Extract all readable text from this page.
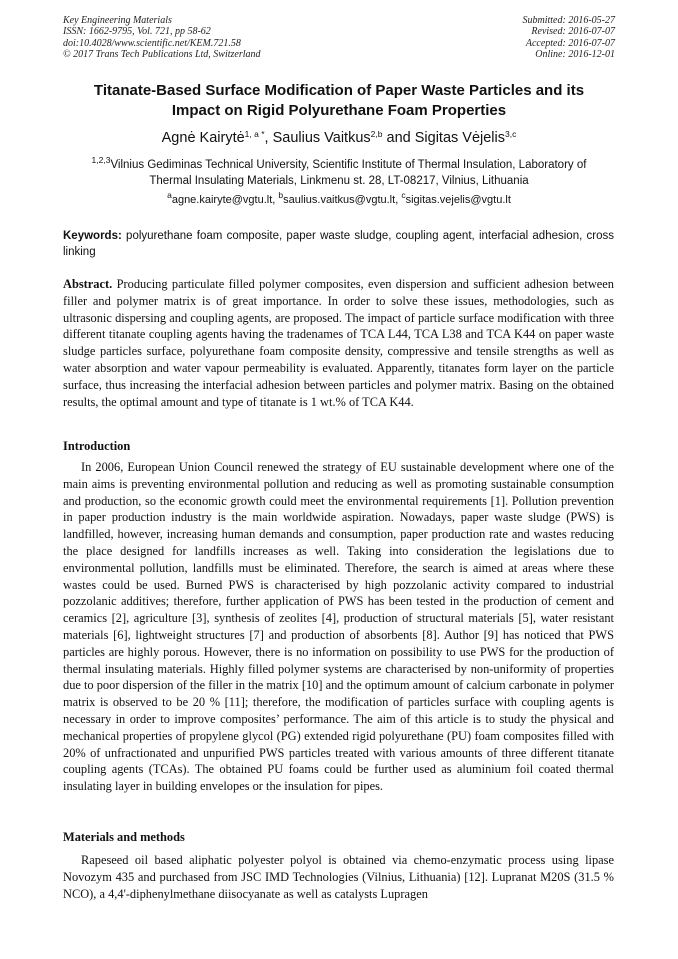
Key Engineering Materials
ISSN: 1662-9795, Vol. 721, pp 58-62
doi:10.4028/www.scientific.net/KEM.721.58
© 2017 Trans Tech Publications Ltd, Switzerland
Submitted: 2016-05-27
Revised: 2016-07-07
Accepted: 2016-07-07
Online: 2016-12-01
Titanate-Based Surface Modification of Paper Waste Particles and its
Impact on Rigid Polyurethane Foam Properties
Agnė Kairytė$^{1, a *}$, Saulius Vaitkus$^{2,b}$ and Sigitas Vėjelis$^{3,c}$
$^{1,2,3}$Vilnius Gediminas Technical University, Scientific Institute of Thermal Insulation, Laboratory of
Thermal Insulating Materials, Linkmenu st. 28, LT-08217, Vilnius, Lithuania
$^a$agne.kairyte@vgtu.lt, $^b$saulius.vaitkus@vgtu.lt, $^c$sigitas.vejelis@vgtu.lt
Keywords: polyurethane foam composite, paper waste sludge, coupling agent, interfacial adhesion, cross linking

Abstract. Producing particulate filled polymer composites, even dispersion and sufficient adhesion between filler and polymer matrix is of great importance. In order to solve these issues, methodologies, such as ultrasonic dispersing and coupling agents, are proposed. The impact of particle surface modification with three different titanate coupling agents having the tradenames of TCA L44, TCA L38 and TCA K44 on paper waste sludge particles surface, polyurethane foam composite density, compressive and tensile strengths as well as water absorption and water vapour permeability is evaluated. Apparently, titanates form layer on the particle surface, thus increasing the interfacial adhesion between particles and polymer matrix. Basing on the obtained results, the optimal amount and type of titanate is 1 wt.% of TCA K44.

Introduction

In 2006, European Union Council renewed the strategy of EU sustainable development where one of the main aims is preventing environmental pollution and reducing as well as promoting sustainable consumption and production, so the economic growth could meet the environmental requirements [1]. Pollution prevention in paper production industry is the main worldwide aspiration. Nowadays, paper waste sludge (PWS) is landfilled, however, increasing human demands and consumption, paper production rate and wastes reducing the place designed for landfills increases as well. Taking into consideration the legislations due to environmental pollution, landfills must be eliminated. Therefore, the search is aimed at areas where these wastes could be used. Burned PWS is characterised by high pozzolanic activity compared to industrial pozzolanic additives; therefore, further application of PWS has been tested in the production of cement and ceramics [2], agriculture [3], synthesis of zeolites [4], production of structural materials [5], water resistant materials [6], lightweight structures [7] and production of absorbents [8]. Author [9] has noticed that PWS particles are highly porous. However, there is no information on possibility to use PWS for the production of thermal insulating materials. Highly filled polymer systems are characterised by non-uniformity of properties due to poor dispersion of the filler in the matrix [10] and the optimum amount of calcium carbonate in polymer matrix is observed to be 20 % [11]; therefore, the modification of particles surface with coupling agents is necessary in order to improve composites’ performance. The aim of this article is to study the physical and mechanical properties of propylene glycol (PG) extended rigid polyurethane (PU) foam composites filled with 20% of unfractionated and unpurified PWS particles treated with various amounts of three different titanate coupling agents (TCAs). The obtained PU foams could be further used as aluminium foil coated thermal insulating layer in building envelopes or the insulation for pipes.

Materials and methods

Rapeseed oil based aliphatic polyester polyol is obtained via chemo-enzymatic process using lipase Novozym 435 and purchased from JSC IMD Technologies (Vilnius, Lithuania) [12]. Lupranat M20S (31.5 % NCO), a 4,4'-diphenylmethane diisocyanate as well as catalysts Lupragen
